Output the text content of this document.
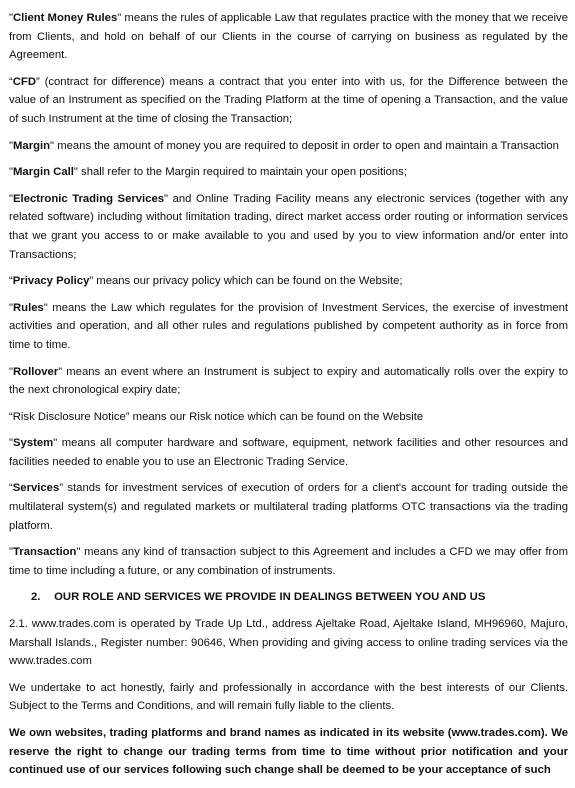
"Client Money Rules" means the rules of applicable Law that regulates practice with the money that we receive from Clients, and hold on behalf of our Clients in the course of carrying on business as regulated by the Agreement.

“CFD” (contract for difference) means a contract that you enter into with us, for the Difference between the value of an Instrument as specified on the Trading Platform at the time of opening a Transaction, and the value of such Instrument at the time of closing the Transaction;

"Margin" means the amount of money you are required to deposit in order to open and maintain a Transaction

"Margin Call" shall refer to the Margin required to maintain your open positions;

"Electronic Trading Services" and Online Trading Facility means any electronic services (together with any related software) including without limitation trading, direct market access order routing or information services that we grant you access to or make available to you and used by you to view information and/or enter into Transactions;

“Privacy Policy” means our privacy policy which can be found on the Website;

"Rules" means the Law which regulates for the provision of Investment Services, the exercise of investment activities and operation, and all other rules and regulations published by competent authority as in force from time to time.

"Rollover" means an event where an Instrument is subject to expiry and automatically rolls over the expiry to the next chronological expiry date;

“Risk Disclosure Notice” means our Risk notice which can be found on the Website

"System" means all computer hardware and software, equipment, network facilities and other resources and facilities needed to enable you to use an Electronic Trading Service.

“Services” stands for investment services of execution of orders for a client's account for trading outside the multilateral system(s) and regulated markets or multilateral trading platforms OTC transactions via the trading platform.

"Transaction" means any kind of transaction subject to this Agreement and includes a CFD we may offer from time to time including a future, or any combination of instruments.

2. OUR ROLE AND SERVICES WE PROVIDE IN DEALINGS BETWEEN YOU AND US

2.1. www.trades.com is operated by Trade Up Ltd., address Ajeltake Road, Ajeltake Island, MH96960, Majuro, Marshall Islands., Register number: 90646, When providing and giving access to online trading services via the www.trades.com

We undertake to act honestly, fairly and professionally in accordance with the best interests of our Clients. Subject to the Terms and Conditions, and will remain fully liable to the clients.

We own websites, trading platforms and brand names as indicated in its website (www.trades.com). We reserve the right to change our trading terms from time to time without prior notification and your continued use of our services following such change shall be deemed to be your acceptance of such
